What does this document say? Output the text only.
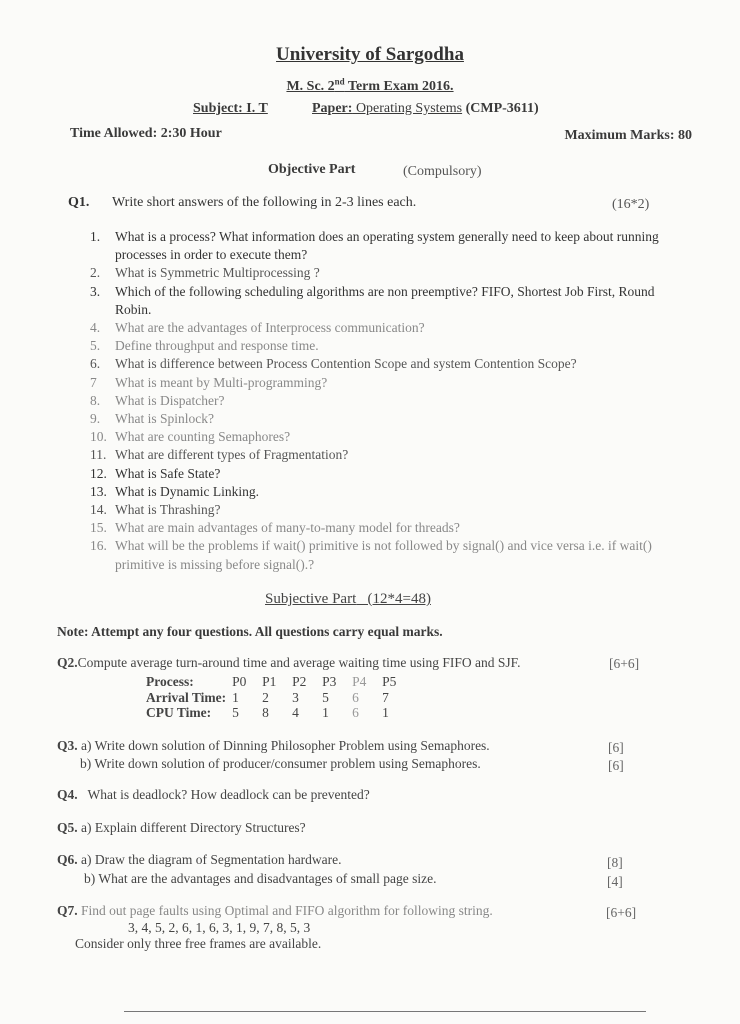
University of Sargodha
M. Sc. 2nd Term Exam 2016.
Subject: I. T	Paper: Operating Systems (CMP-3611)
Time Allowed: 2:30 Hour	Maximum Marks: 80
Objective Part	(Compulsory)
Q1. Write short answers of the following in 2-3 lines each.	(16*2)
1.	What is a process? What information does an operating system generally need to keep about running processes in order to execute them?
2.	What is Symmetric Multiprocessing ?
3.	Which of the following scheduling algorithms are non preemptive? FIFO, Shortest Job First, Round Robin.
4.	What are the advantages of Interprocess communication?
5.	Define throughput and response time.
6.	What is difference between Process Contention Scope and system Contention Scope?
7	What is meant by Multi-programming?
8.	What is Dispatcher?
9.	What is Spinlock?
10. What are counting Semaphores?
11. What are different types of Fragmentation?
12. What is Safe State?
13. What is Dynamic Linking.
14. What is Thrashing?
15. What are main advantages of many-to-many model for threads?
16. What will be the problems if wait() primitive is not followed by signal() and vice versa i.e. if wait() primitive is missing before signal().?
Subjective Part (12*4=48)
Note: Attempt any four questions. All questions carry equal marks.
Q2.Compute average turn-around time and average waiting time using FIFO and SJF.	[6+6]
Process:	P0	P1	P2	P3	P4	P5
Arrival Time:	1	2	3	5	6	7
CPU Time:	5	8	4	1	6	1
Q3. a) Write down solution of Dinning Philosopher Problem using Semaphores.	[6]
b) Write down solution of producer/consumer problem using Semaphores.	[6]
Q4. What is deadlock? How deadlock can be prevented?
Q5. a) Explain different Directory Structures?
Q6. a) Draw the diagram of Segmentation hardware.	[8]
b) What are the advantages and disadvantages of small page size.	[4]
Q7. Find out page faults using Optimal and FIFO algorithm for following string.	[6+6]
3, 4, 5, 2, 6, 1, 6, 3, 1, 9, 7, 8, 5, 3
Consider only three free frames are available.
